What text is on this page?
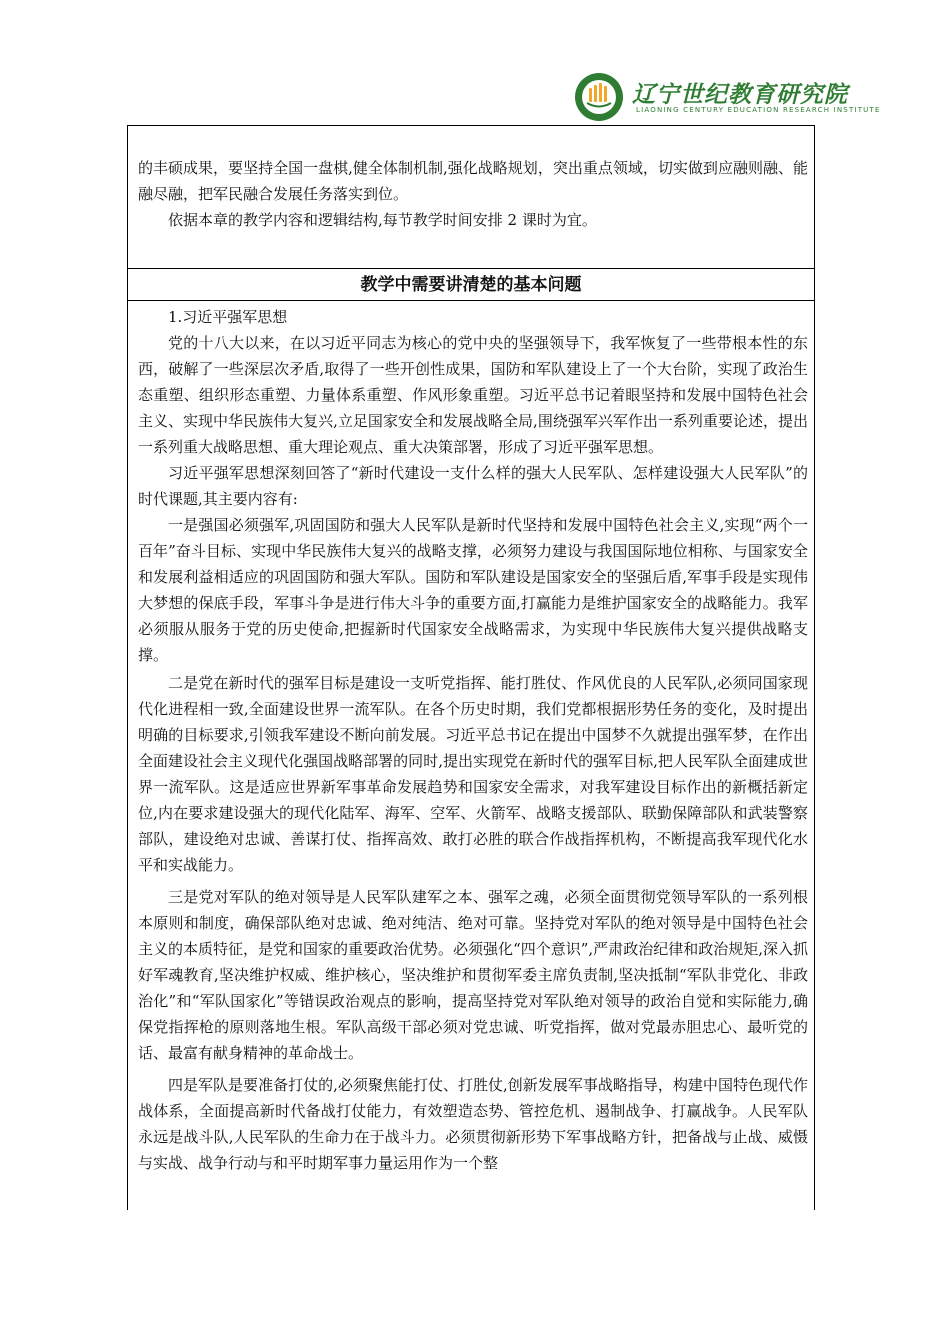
辽宁世纪教育研究院
LIAONING CENTURY EDUCATION RESEARCH INSTITUTE

的丰硕成果，要坚持全国一盘棋,健全体制机制,强化战略规划，突出重点领域，切实做到应融则融、能融尽融，把军民融合发展任务落实到位。

依据本章的教学内容和逻辑结构,每节教学时间安排 2 课时为宜。

教学中需要讲清楚的基本问题

1.习近平强军思想

党的十八大以来，在以习近平同志为核心的党中央的坚强领导下，我军恢复了一些带根本性的东西，破解了一些深层次矛盾,取得了一些开创性成果，国防和军队建设上了一个大台阶，实现了政治生态重塑、组织形态重塑、力量体系重塑、作风形象重塑。习近平总书记着眼坚持和发展中国特色社会主义、实现中华民族伟大复兴,立足国家安全和发展战略全局,围绕强军兴军作出一系列重要论述，提出一系列重大战略思想、重大理论观点、重大决策部署，形成了习近平强军思想。

习近平强军思想深刻回答了“新时代建设一支什么样的强大人民军队、怎样建设强大人民军队”的时代课题,其主要内容有:

一是强国必须强军,巩固国防和强大人民军队是新时代坚持和发展中国特色社会主义,实现“两个一百年”奋斗目标、实现中华民族伟大复兴的战略支撑，必须努力建设与我国国际地位相称、与国家安全和发展利益相适应的巩固国防和强大军队。国防和军队建设是国家安全的坚强后盾,军事手段是实现伟大梦想的保底手段，军事斗争是进行伟大斗争的重要方面,打赢能力是维护国家安全的战略能力。我军必须服从服务于党的历史使命,把握新时代国家安全战略需求，为实现中华民族伟大复兴提供战略支撑。

二是党在新时代的强军目标是建设一支听党指挥、能打胜仗、作风优良的人民军队,必须同国家现代化进程相一致,全面建设世界一流军队。在各个历史时期，我们党都根据形势任务的变化，及时提出明确的目标要求,引领我军建设不断向前发展。习近平总书记在提出中国梦不久就提出强军梦，在作出全面建设社会主义现代化强国战略部署的同时,提出实现党在新时代的强军目标,把人民军队全面建成世界一流军队。这是适应世界新军事革命发展趋势和国家安全需求，对我军建设目标作出的新概括新定位,内在要求建设强大的现代化陆军、海军、空军、火箭军、战略支援部队、联勤保障部队和武装警察部队，建设绝对忠诚、善谋打仗、指挥高效、敢打必胜的联合作战指挥机构，不断提高我军现代化水平和实战能力。

三是党对军队的绝对领导是人民军队建军之本、强军之魂，必须全面贯彻党领导军队的一系列根本原则和制度，确保部队绝对忠诚、绝对纯洁、绝对可靠。坚持党对军队的绝对领导是中国特色社会主义的本质特征，是党和国家的重要政治优势。必须强化“四个意识”,严肃政治纪律和政治规矩,深入抓好军魂教育,坚决维护权威、维护核心，坚决维护和贯彻军委主席负责制,坚决抵制“军队非党化、非政治化”和“军队国家化”等错误政治观点的影响，提高坚持党对军队绝对领导的政治自觉和实际能力,确保党指挥枪的原则落地生根。军队高级干部必须对党忠诚、听党指挥，做对党最赤胆忠心、最听党的话、最富有献身精神的革命战士。

四是军队是要准备打仗的,必须聚焦能打仗、打胜仗,创新发展军事战略指导，构建中国特色现代作战体系，全面提高新时代备战打仗能力，有效塑造态势、管控危机、遏制战争、打赢战争。人民军队永远是战斗队,人民军队的生命力在于战斗力。必须贯彻新形势下军事战略方针，把备战与止战、威慑与实战、战争行动与和平时期军事力量运用作为一个整
